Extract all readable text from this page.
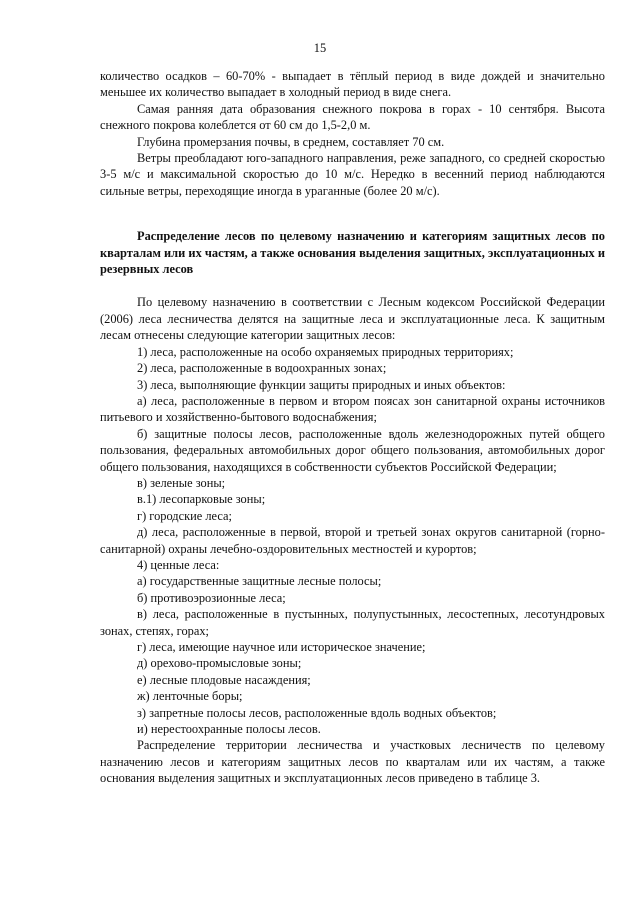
15

количество осадков – 60-70% - выпадает в тёплый период в виде дождей и значительно меньшее их количество выпадает в холодный период в виде снега.

Самая ранняя дата образования снежного покрова в горах - 10 сентября. Высота снежного покрова колеблется от 60 см до 1,5-2,0 м.

Глубина промерзания почвы, в среднем, составляет 70 см.

Ветры преобладают юго-западного направления, реже западного, со средней скоростью 3-5 м/с и максимальной скоростью до 10 м/с. Нередко в весенний период наблюдаются сильные ветры, переходящие иногда в ураганные (более 20 м/с).

Распределение лесов по целевому назначению и категориям защитных лесов по кварталам или их частям, а также основания выделения защитных, эксплуатационных и резервных лесов

По целевому назначению в соответствии с Лесным кодексом Российской Федерации (2006) леса лесничества делятся на защитные леса и эксплуатационные леса. К защитным лесам отнесены следующие категории защитных лесов:

1) леса, расположенные на особо охраняемых природных территориях;

2) леса, расположенные в водоохранных зонах;

3) леса, выполняющие функции защиты природных и иных объектов:

а) леса, расположенные в первом и втором поясах зон санитарной охраны источников питьевого и хозяйственно-бытового водоснабжения;

б) защитные полосы лесов, расположенные вдоль железнодорожных путей общего пользования, федеральных автомобильных дорог общего пользования, автомобильных дорог общего пользования, находящихся в собственности субъектов Российской Федерации;

в) зеленые зоны;

в.1) лесопарковые зоны;

г) городские леса;

д) леса, расположенные в первой, второй и третьей зонах округов санитарной (горно-санитарной) охраны лечебно-оздоровительных местностей и курортов;

4) ценные леса:

а) государственные защитные лесные полосы;

б) противоэрозионные леса;

в) леса, расположенные в пустынных, полупустынных, лесостепных, лесотундровых зонах, степях, горах;

г) леса, имеющие научное или историческое значение;

д) орехово-промысловые зоны;

е) лесные плодовые насаждения;

ж) ленточные боры;

з) запретные полосы лесов, расположенные вдоль водных объектов;

и) нерестоохранные полосы лесов.

Распределение территории лесничества и участковых лесничеств по целевому назначению лесов и категориям защитных лесов по кварталам или их частям, а также основания выделения защитных и эксплуатационных лесов приведено в таблице 3.
